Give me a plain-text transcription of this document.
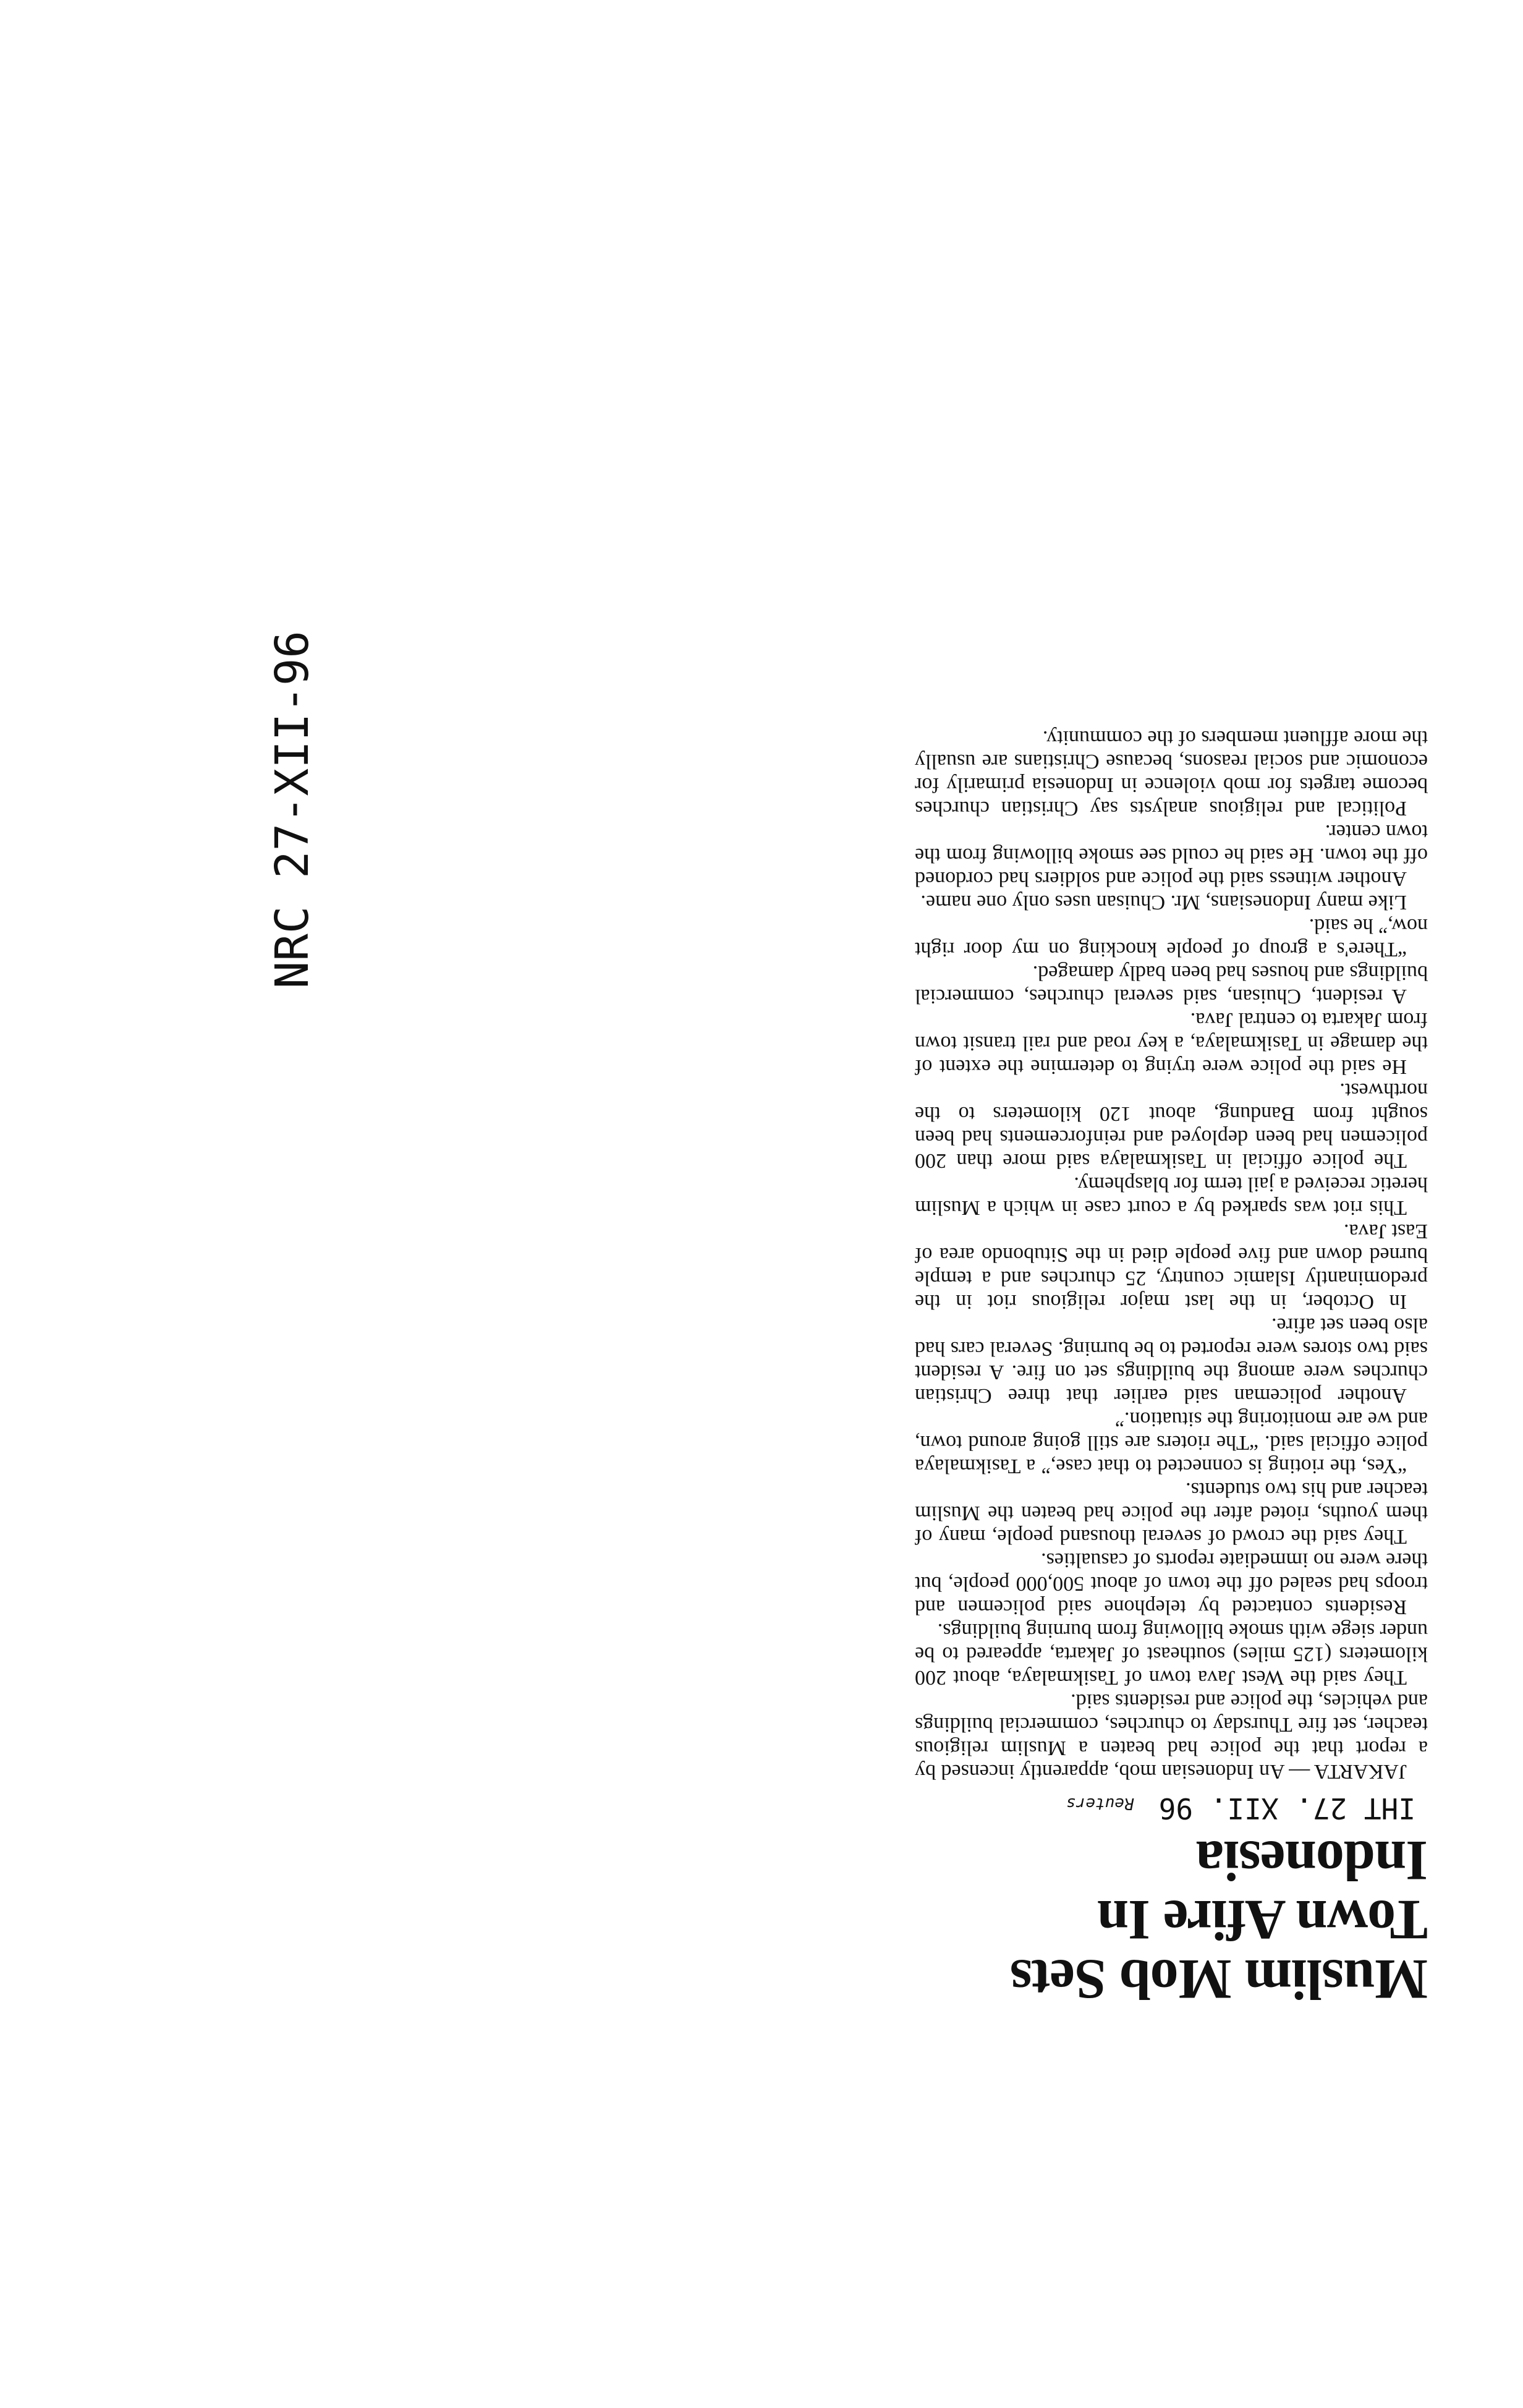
Muslim Mob Sets Town Afire In Indonesia
IHT 27. XII. 96
Reuters

JAKARTA — An Indonesian mob, apparently incensed by a report that the police had beaten a Muslim religious teacher, set fire Thursday to churches, commercial buildings and vehicles, the police and residents said.

They said the West Java town of Tasikmalaya, about 200 kilometers (125 miles) southeast of Jakarta, appeared to be under siege with smoke billowing from burning buildings.

Residents contacted by telephone said policemen and troops had sealed off the town of about 500,000 people, but there were no immediate reports of casualties.

They said the crowd of several thousand people, many of them youths, rioted after the police had beaten the Muslim teacher and his two students.

“Yes, the rioting is connected to that case,” a Tasikmalaya police official said. “The rioters are still going around town, and we are monitoring the situation.”

Another policeman said earlier that three Christian churches were among the buildings set on fire. A resident said two stores were reported to be burning. Several cars had also been set afire.

In October, in the last major religious riot in the predominantly Islamic country, 25 churches and a temple burned down and five people died in the Situbondo area of East Java.

This riot was sparked by a court case in which a Muslim heretic received a jail term for blasphemy.

The police official in Tasikmalaya said more than 200 policemen had been deployed and reinforcements had been sought from Bandung, about 120 kilometers to the northwest.

He said the police were trying to determine the extent of the damage in Tasikmalaya, a key road and rail transit town from Jakarta to central Java.

A resident, Chuisan, said several churches, commercial buildings and houses had been badly damaged.

“There's a group of people knocking on my door right now,” he said.

Like many Indonesians, Mr. Chuisan uses only one name.

Another witness said the police and soldiers had cordoned off the town. He said he could see smoke billowing from the town center.

Political and religious analysts say Christian churches become targets for mob violence in Indonesia primarily for economic and social reasons, because Christians are usually the more affluent members of the community.

NRC 27-XII-96
